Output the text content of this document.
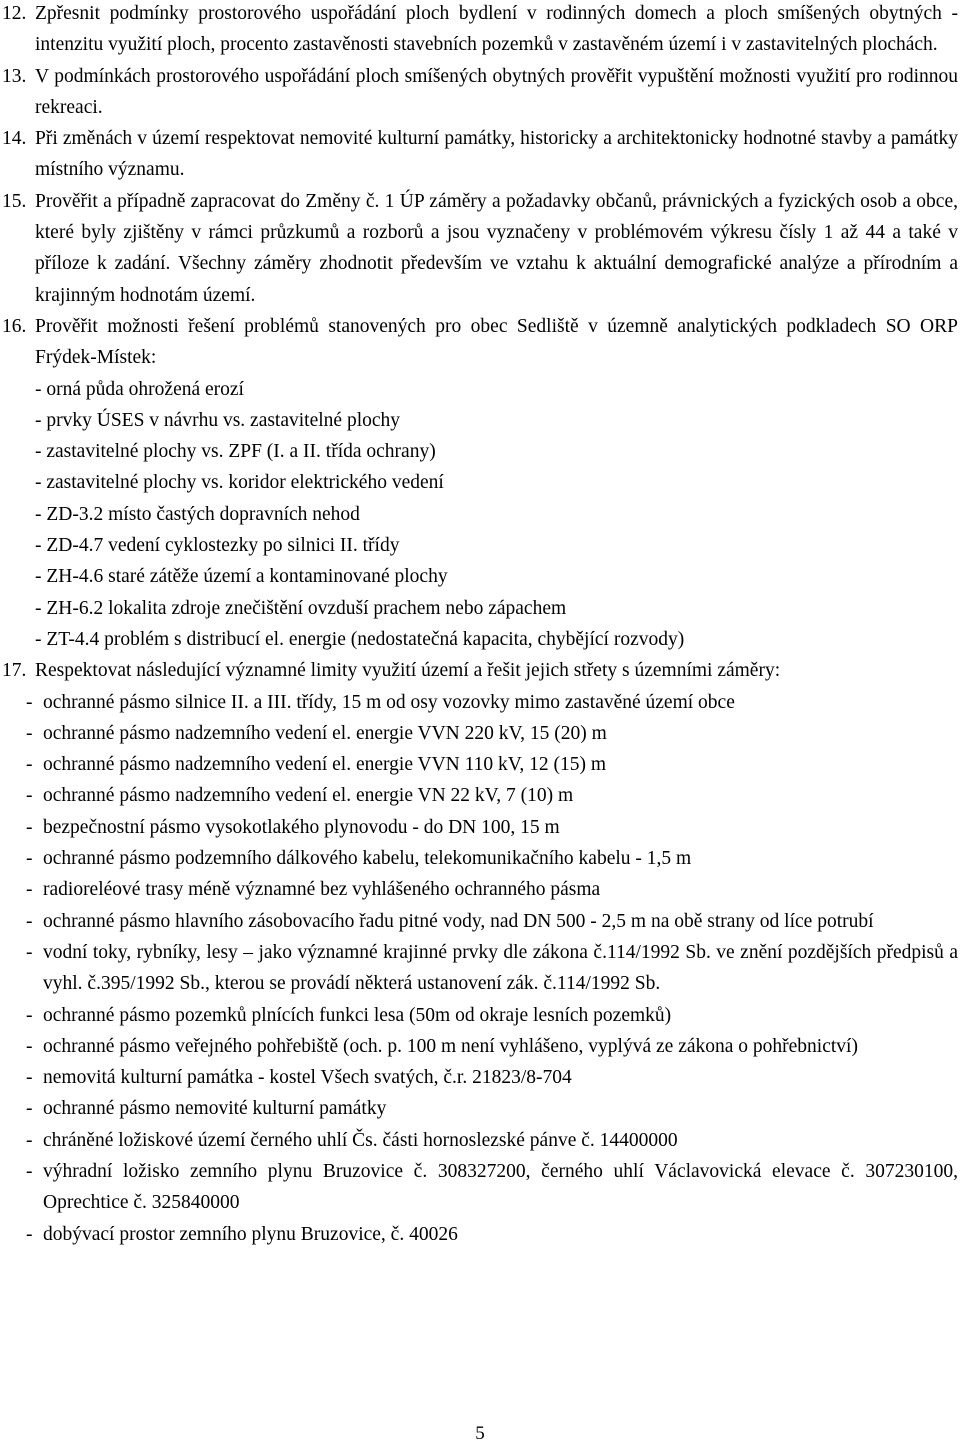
12. Zpřesnit podmínky prostorového uspořádání ploch bydlení v rodinných domech a ploch smíšených obytných - intenzitu využití ploch, procento zastavěnosti stavebních pozemků v zastavěném území i v zastavitelných plochách.
13. V podmínkách prostorového uspořádání ploch smíšených obytných prověřit vypuštění možnosti využití pro rodinnou rekreaci.
14. Při změnách v území respektovat nemovité kulturní památky, historicky a architektonicky hodnotné stavby a památky místního významu.
15. Prověřit a případně zapracovat do Změny č. 1 ÚP záměry a požadavky občanů, právnických a fyzických osob a obce, které byly zjištěny v rámci průzkumů a rozborů a jsou vyznačeny v problémovém výkresu čísly 1 až 44 a také v příloze k zadání. Všechny záměry zhodnotit především ve vztahu k aktuální demografické analýze a přírodním a krajinným hodnotám území.
16. Prověřit možnosti řešení problémů stanovených pro obec Sedliště v územně analytických podkladech SO ORP Frýdek-Místek:
- orná půda ohrožená erozí
- prvky ÚSES v návrhu vs. zastavitelné plochy
- zastavitelné plochy vs. ZPF (I. a II. třída ochrany)
- zastavitelné plochy vs. koridor elektrického vedení
- ZD-3.2 místo častých dopravních nehod
- ZD-4.7 vedení cyklostezky po silnici II. třídy
- ZH-4.6 staré zátěže území a kontaminované plochy
- ZH-6.2 lokalita zdroje znečištění ovzduší prachem nebo zápachem
- ZT-4.4 problém s distribucí el. energie (nedostatečná kapacita, chybějící rozvody)
17. Respektovat následující významné limity využití území a řešit jejich střety s územními záměry:
- ochranné pásmo silnice II. a III. třídy, 15 m od osy vozovky mimo zastavěné území obce
- ochranné pásmo nadzemního vedení el. energie VVN 220 kV, 15 (20) m
- ochranné pásmo nadzemního vedení el. energie VVN 110 kV, 12 (15) m
- ochranné pásmo nadzemního vedení el. energie VN 22 kV, 7 (10) m
- bezpečnostní pásmo vysokotlakého plynovodu - do DN 100, 15 m
- ochranné pásmo podzemního dálkového kabelu, telekomunikačního kabelu - 1,5 m
- radioreléové trasy méně významné bez vyhlášeného ochranného pásma
- ochranné pásmo hlavního zásobovacího řadu pitné vody, nad DN 500 - 2,5 m na obě strany od líce potrubí
- vodní toky, rybníky, lesy – jako významné krajinné prvky dle zákona č.114/1992 Sb. ve znění pozdějších předpisů a vyhl. č.395/1992 Sb., kterou se provádí některá ustanovení zák. č.114/1992 Sb.
- ochranné pásmo pozemků plnících funkci lesa (50m od okraje lesních pozemků)
- ochranné pásmo veřejného pohřebiště (och. p. 100 m není vyhlášeno, vyplývá ze zákona o pohřebnictví)
- nemovitá kulturní památka - kostel Všech svatých, č.r. 21823/8-704
- ochranné pásmo nemovité kulturní památky
- chráněné ložiskové území černého uhlí Čs. části hornoslezské pánve č. 14400000
- výhradní ložisko zemního plynu Bruzovice č. 308327200, černého uhlí Václavovická elevace č. 307230100, Oprechtice č. 325840000
- dobývací prostor zemního plynu Bruzovice, č. 40026
5
